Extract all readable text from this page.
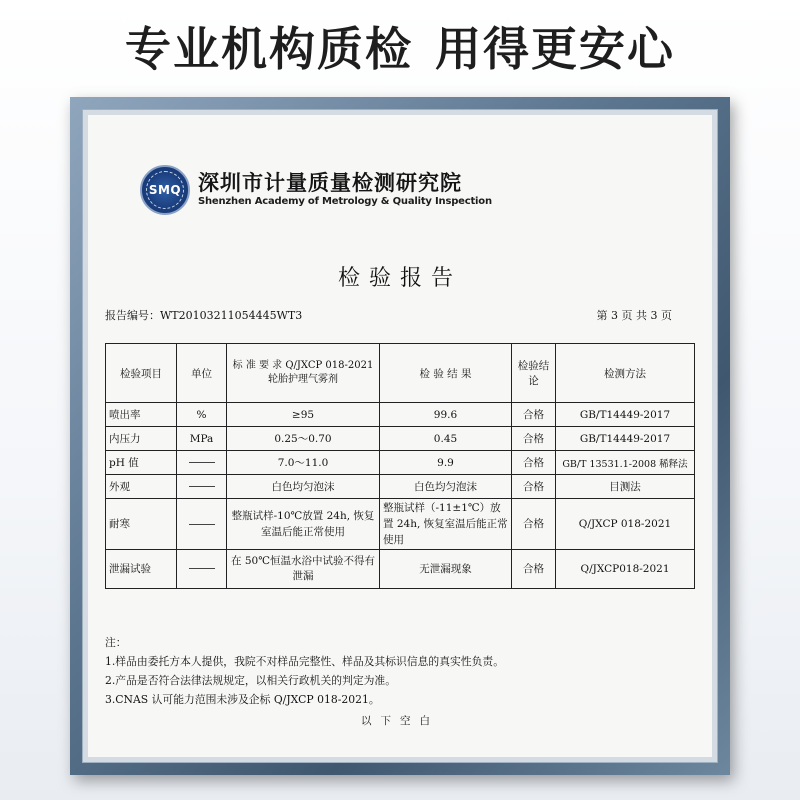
专业机构质检 用得更安心
SMQ 深圳市计量质量检测研究院
Shenzhen Academy of Metrology & Quality Inspection
检验报告
报告编号：WT20103211054445WT3	第 3 页 共 3 页
检验项目	单位	标 准 要 求 Q/JXCP 018-2021 轮胎护理气雾剂	检 验 结 果	检验结论	检测方法
喷出率	%	≥95	99.6	合格	GB/T14449-2017
内压力	MPa	0.25～0.70	0.45	合格	GB/T14449-2017
pH 值		7.0～11.0	9.9	合格	GB/T 13531.1-2008 稀释法
外观		白色均匀泡沫	白色均匀泡沫	合格	目测法
耐寒		整瓶试样-10℃放置 24h, 恢复室温后能正常使用	整瓶试样（-11±1℃）放置 24h, 恢复室温后能正常使用	合格	Q/JXCP 018-2021
泄漏试验		在 50℃恒温水浴中试验不得有泄漏	无泄漏现象	合格	Q/JXCP018-2021
注：
1.样品由委托方本人提供，我院不对样品完整性、样品及其标识信息的真实性负责。
2.产品是否符合法律法规规定，以相关行政机关的判定为准。
3.CNAS 认可能力范围未涉及企标 Q/JXCP 018-2021。
以下空白
